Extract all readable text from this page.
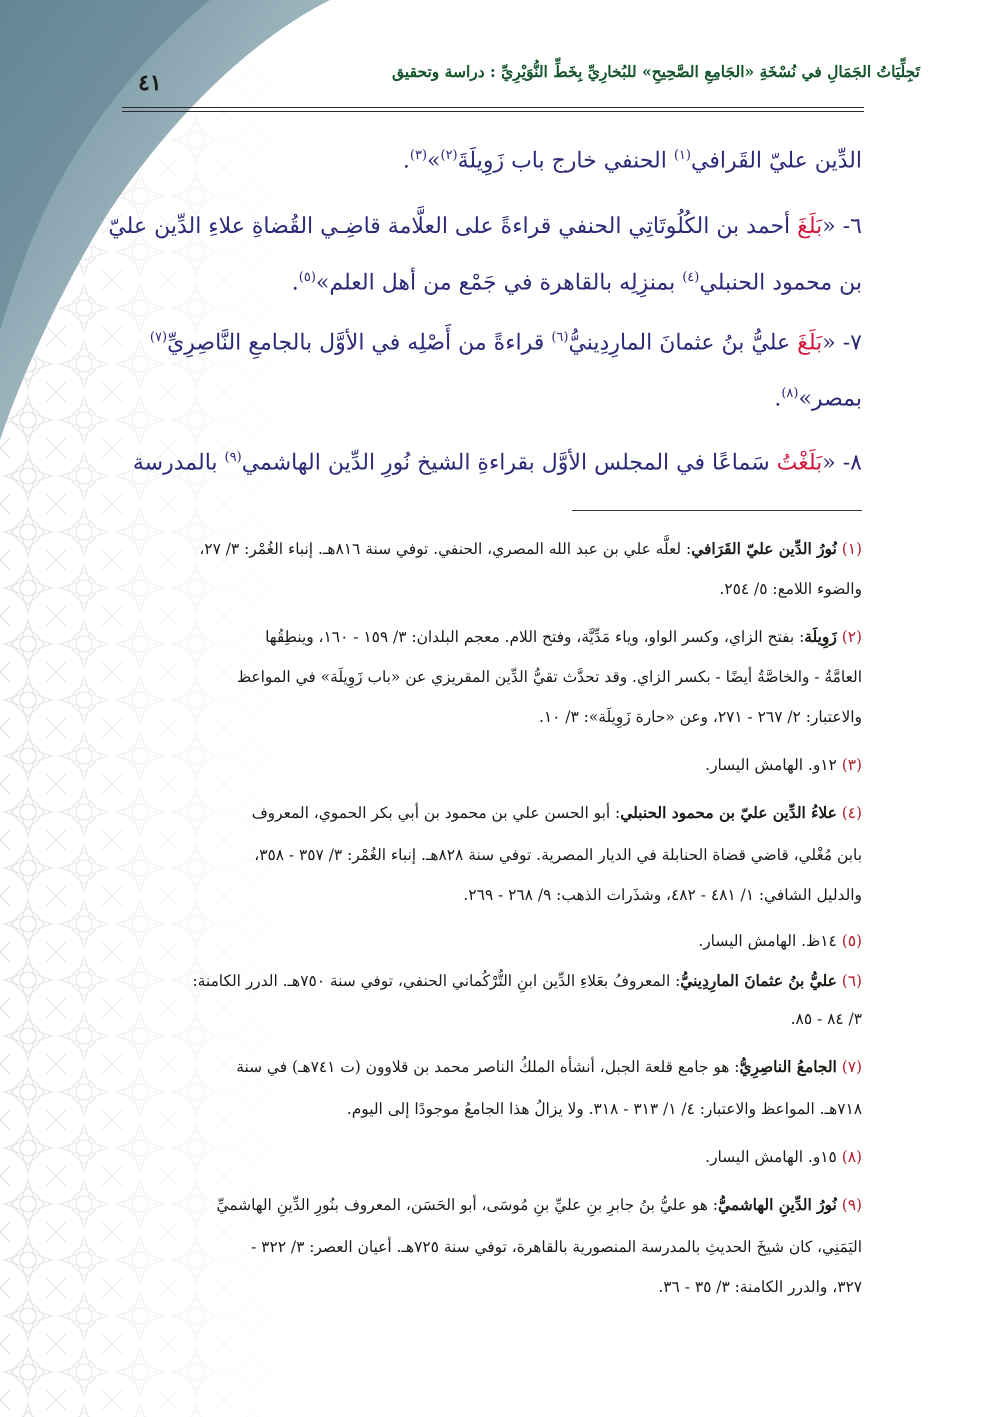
تَجِلِّيَاتُ الجَمَالِ في نُسْخَةِ «الجَامِعِ الصَّحِيحِ» للبُخارِيِّ بِخَطِّ النُّوَيْرِيِّ : دراسة وتحقيق
٤١
الدِّين عليّ القَرافي$^{(١)}$ الحنفي خارج باب زَوِيلَةَ$^{(٢)}$»$^{(٣)}$.
٦- «بَلَغَ أحمد بن الكُلُوتَاتِي الحنفي قراءةً على العلَّامة قاضِـي القُضاةِ علاءِ الدِّين عليّ
بن محمود الحنبلي$^{(٤)}$ بمنزِلِه بالقاهرة في جَمْع من أهل العلم»$^{(٥)}$.
٧- «بَلَغَ عليُّ بنُ عثمانَ المارِدِينيُّ$^{(٦)}$ قراءةً من أَصْلِه في الأوَّل بالجامعِ النَّاصِرِيِّ$^{(٧)}$
بمصر»$^{(٨)}$.
٨- «بَلَغْتُ سَماعًا في المجلس الأوَّل بقراءةِ الشيخ نُورِ الدِّين الهاشمي$^{(٩)}$ بالمدرسة
(١) نُورُ الدِّين عليّ القَرَافي: لعلَّه علي بن عبد الله المصري، الحنفي. توفي سنة ٨١٦هـ. إنباء الغُمْر: ٣/ ٢٧،
والضوء اللامع: ٥/ ٢٥٤.
(٢) زَوِيلَة: بفتح الزاي، وكسر الواو، وياء مَدِّيَّة، وفتح اللام. معجم البلدان: ٣/ ١٥٩ - ١٦٠، وينطِقُها
العامَّةُ - والخاصَّةُ أيضًا - بكسر الزاي. وقد تحدَّث تقيُّ الدِّين المقريزي عن «باب زَوِيلَة» في المواعظ
والاعتبار: ٢/ ٢٦٧ - ٢٧١، وعن «حارة زَوِيلَة»: ٣/ ١٠.
(٣) ١٢و. الهامش اليسار.
(٤) علاءُ الدِّين عليّ بن محمود الحنبلي: أبو الحسن علي بن محمود بن أبي بكر الحموي، المعروف
بابن مُغْلي، قاضي قضاة الحنابلة في الديار المصرية. توفي سنة ٨٢٨هـ. إنباء الغُمْر: ٣/ ٣٥٧ - ٣٥٨،
والدليل الشافي: ١/ ٤٨١ - ٤٨٢، وشذَرات الذهب: ٩/ ٢٦٨ - ٢٦٩.
(٥) ١٤ظ. الهامش اليسار.
(٦) عليُّ بنُ عثمانَ المارِدِينيُّ: المعروفُ بعَلاءِ الدِّين ابنِ التُّرْكُماني الحنفي، توفي سنة ٧٥٠هـ. الدرر الكامنة:
٣/ ٨٤ - ٨٥.
(٧) الجامعُ الناصِرِيُّ: هو جامع قلعة الجبل، أنشأه الملكُ الناصر محمد بن قلاوون (ت ٧٤١هـ) في سنة
٧١٨هـ. المواعظ والاعتبار: ٤/ ١/ ٣١٣ - ٣١٨. ولا يزالُ هذا الجامعُ موجودًا إلى اليوم.
(٨) ١٥و. الهامش اليسار.
(٩) نُورُ الدِّينِ الهاشميُّ: هو عليُّ بنُ جابرِ بنِ عليِّ بنِ مُوسَى، أبو الحَسَن، المعروف بنُورِ الدِّينِ الهاشميِّ
اليَمَنِي، كان شيخَ الحديثِ بالمدرسة المنصورية بالقاهرة، توفي سنة ٧٢٥هـ. أعيان العصر: ٣/ ٣٢٢ -
٣٢٧، والدرر الكامنة: ٣/ ٣٥ - ٣٦.
